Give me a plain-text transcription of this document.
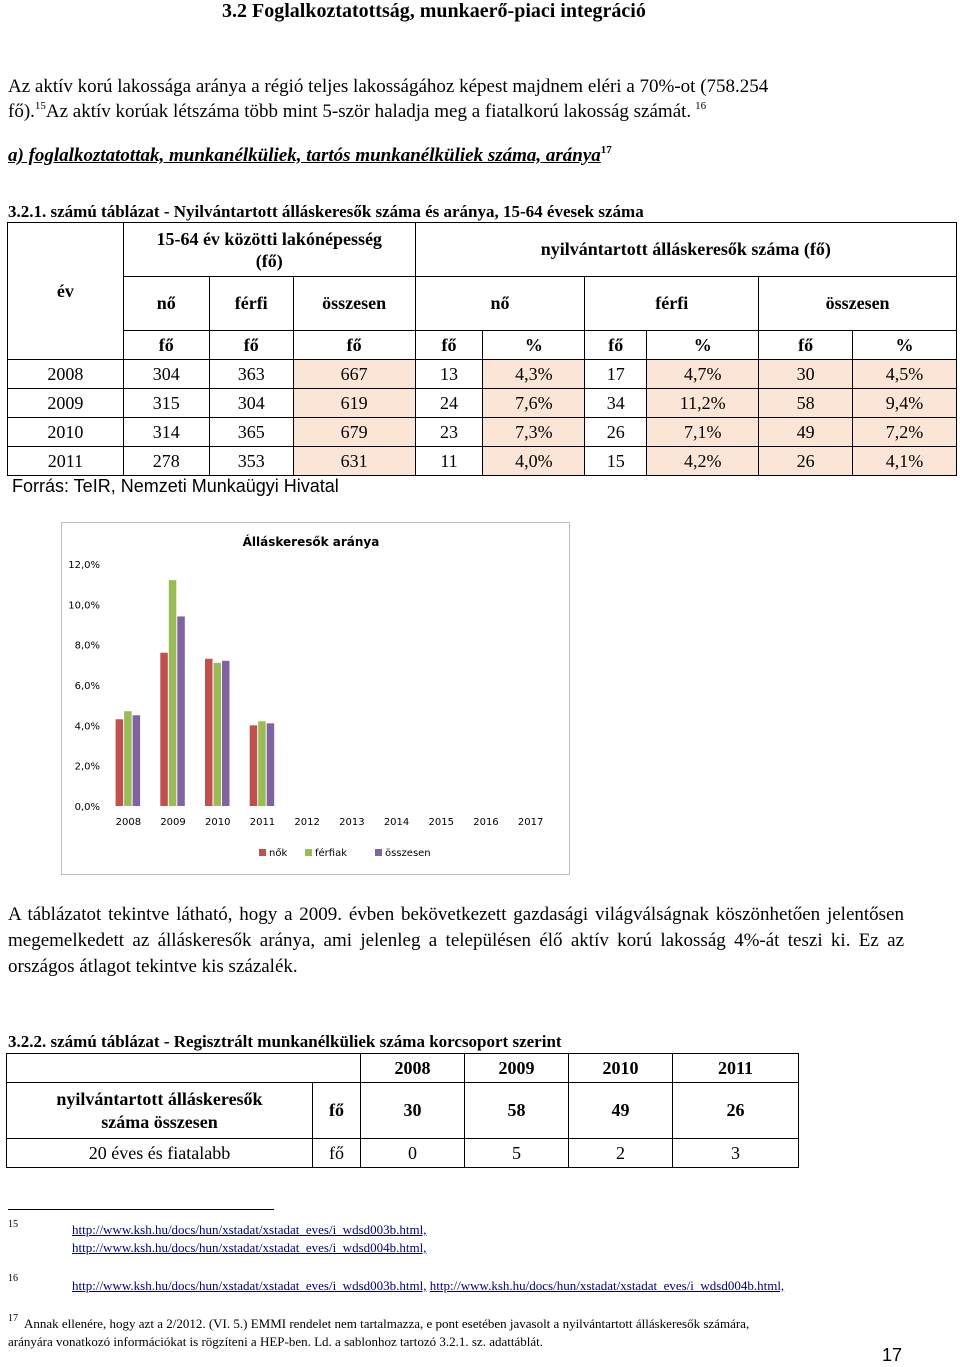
3.2 Foglalkoztatottság, munkaerő-piaci integráció
Az aktív korú lakossága aránya a régió teljes lakosságához képest majdnem eléri a 70%-ot (758.254
fő).$^{15}$Az aktív korúak létszáma több mint 5-ször haladja meg a fiatalkorú lakosság számát. $^{16}$
a) foglalkoztatottak, munkanélküliek, tartós munkanélküliek száma, aránya$^{17}$
3.2.1. számú táblázat - Nyilvántartott álláskeresők száma és aránya, 15-64 évesek száma
év	15-64 év közötti lakónépesség
(fő)			nyilvántartott álláskeresők száma (fő)					
	nő	férfi	összesen	nő		férfi		összesen	
	fő	fő	fő	fő	%	fő	%	fő	%
2008	304	363	667	13	4,3%	17	4,7%	30	4,5%
2009	315	304	619	24	7,6%	34	11,2%	58	9,4%
2010	314	365	679	23	7,3%	26	7,1%	49	7,2%
2011	278	353	631	11	4,0%	15	4,2%	26	4,1%
Forrás: TeIR, Nemzeti Munkaügyi Hivatal
Álláskeresők aránya
12,0%
10,0%
8,0%
6,0%
4,0%
2,0%
0,0%
2008 2009 2010 2011 2012 2013 2014 2015 2016 2017
nők	férfiak	összesen
A táblázatot tekintve látható, hogy a 2009. évben bekövetkezett gazdasági világválságnak köszönhetően jelentősen megemelkedett az álláskeresők aránya, ami jelenleg a településen élő aktív korú lakosság 4%-át teszi ki. Ez az országos átlagot tekintve kis százalék.
3.2.2. számú táblázat - Regisztrált munkanélküliek száma korcsoport szerint
		2008	2009	2010	2011

nyilvántartott álláskeresők
száma összesen	fő	30	58	49	26
20 éves és fiatalabb	fő	0	5	2	3
15	http://www.ksh.hu/docs/hun/xstadat/xstadat_eves/i_wdsd003b.html,
http://www.ksh.hu/docs/hun/xstadat/xstadat_eves/i_wdsd004b.html,
16	http://www.ksh.hu/docs/hun/xstadat/xstadat_eves/i_wdsd003b.html, http://www.ksh.hu/docs/hun/xstadat/xstadat_eves/i_wdsd004b.html,
17 Annak ellenére, hogy azt a 2/2012. (VI. 5.) EMMI rendelet nem tartalmazza, e pont esetében javasolt a nyilvántartott álláskeresők számára,
arányára vonatkozó információkat is rögzíteni a HEP-ben. Ld. a sablonhoz tartozó 3.2.1. sz. adattáblát.
17
